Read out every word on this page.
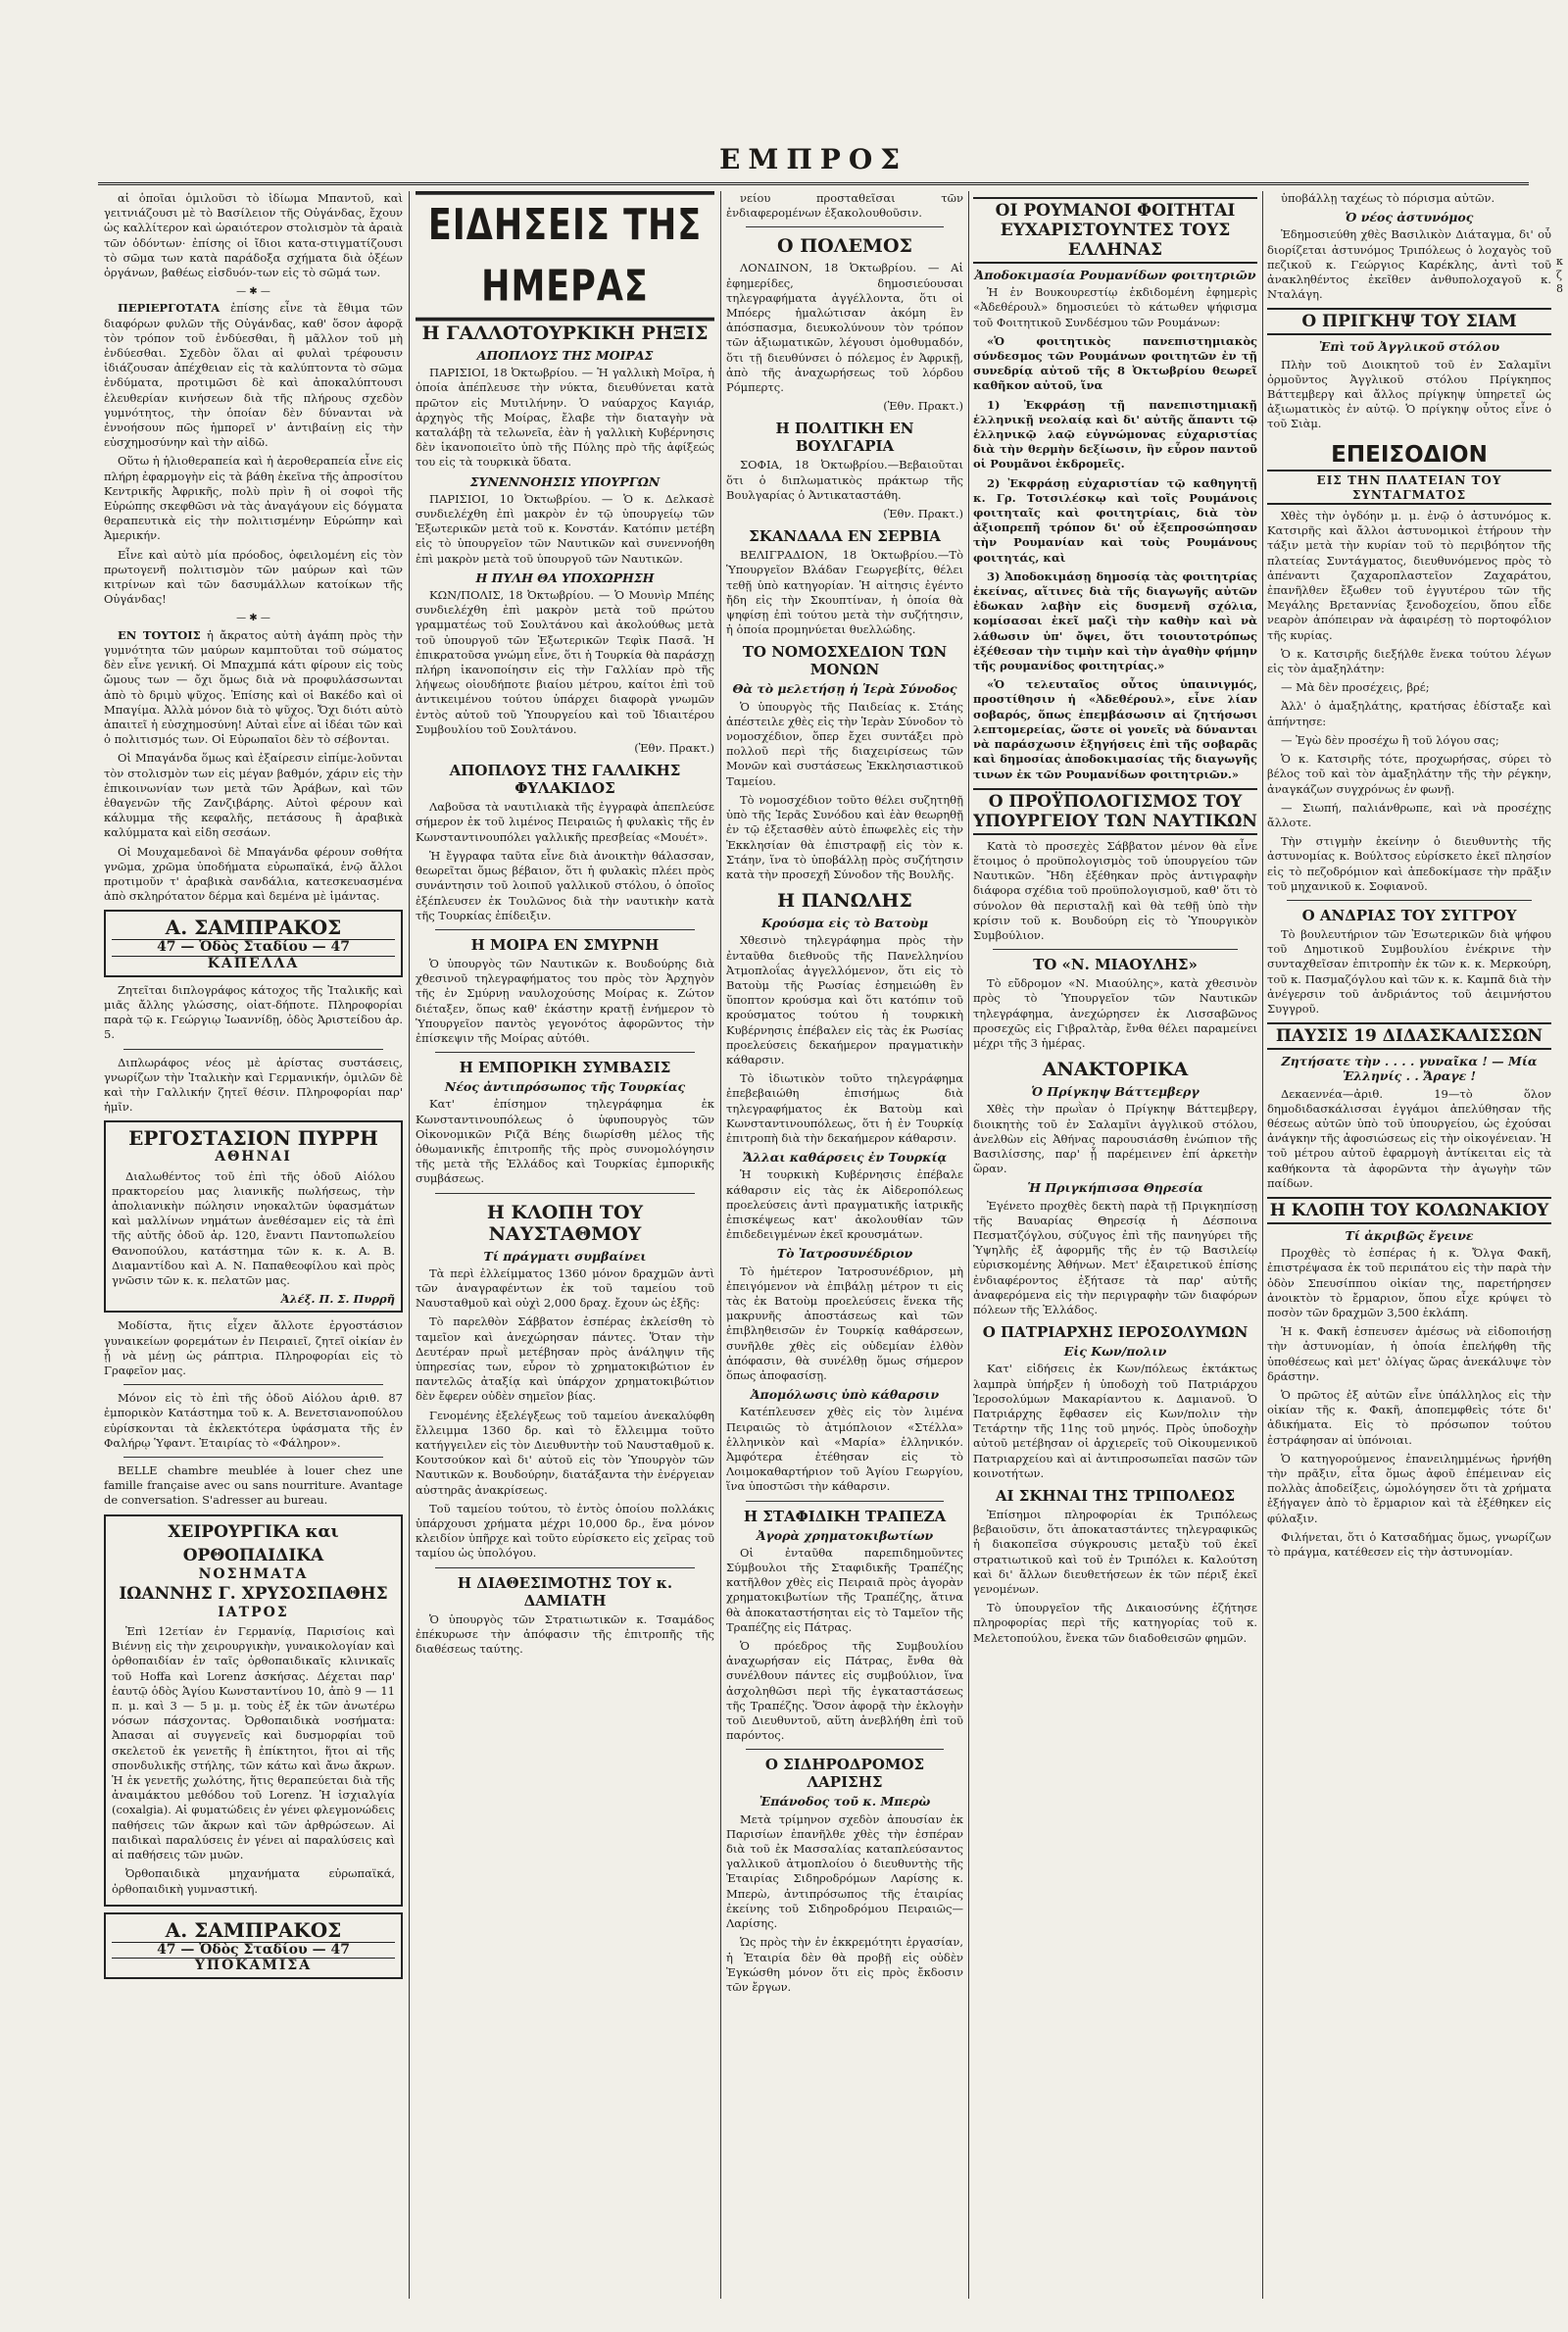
ΕΜΠΡΟΣ

αἱ ὁποῖαι ὁμιλοῦσι τὸ ἰδίωμα Μπαντοῦ, καὶ γειτνιάζουσι μὲ τὸ Βασίλειον τῆς Οὐγάνδας, ἔχουν ὡς καλλίτερον καὶ ὡραιότερον στολισμὸν τὰ ἀραιὰ τῶν ὀδόντων· ἐπίσης οἱ ἴδιοι κατα-στιγματίζουσι τὸ σῶμα των κατὰ παράδοξα σχήματα διὰ ὀξέων ὀργάνων, βαθέως εἰσδυόν-των εἰς τὸ σῶμά των.

— ✱ —

ΠΕΡΙΕΡΓΟΤΑΤΑ ἐπίσης εἶνε τὰ ἔθιμα τῶν διαφόρων φυλῶν τῆς Οὐγάνδας, καθ' ὅσον ἀφορᾷ τὸν τρόπον τοῦ ἐνδύεσθαι, ἢ μᾶλλον τοῦ μὴ ἐνδύεσθαι. Σχεδὸν ὅλαι αἱ φυλαὶ τρέφουσιν ἰδιάζουσαν ἀπέχθειαν εἰς τὰ καλύπτοντα τὸ σῶμα ἐνδύματα, προτιμῶσι δὲ καὶ ἀποκαλύπτουσι ἐλευθερίαν κινήσεων διὰ τῆς πλήρους σχεδὸν γυμνότητος, τὴν ὁποίαν δὲν δύνανται νὰ ἐννοήσουν πῶς ἠμπορεῖ ν' ἀντιβαίνῃ εἰς τὴν εὐσχημοσύνην καὶ τὴν αἰδῶ.

Οὕτω ἡ ἡλιοθεραπεία καὶ ἡ ἀεροθεραπεία εἶνε εἰς πλήρη ἐφαρμογὴν εἰς τὰ βάθη ἐκεῖνα τῆς ἀπροσίτου Κεντρικῆς Ἀφρικῆς, πολὺ πρὶν ἢ οἱ σοφοὶ τῆς Εὐρώπης σκεφθῶσι νὰ τὰς ἀναγάγουν εἰς δόγματα θεραπευτικὰ εἰς τὴν πολιτισμένην Εὐρώπην καὶ Ἀμερικήν.

Εἶνε καὶ αὐτὸ μία πρόοδος, ὀφειλομένη εἰς τὸν πρωτογενῆ πολιτισμὸν τῶν μαύρων καὶ τῶν κιτρίνων καὶ τῶν δασυμάλλων κατοίκων τῆς Οὐγάνδας!

— ✱ —

ΕΝ ΤΟΥΤΟΙΣ ἡ ἄκρατος αὐτὴ ἀγάπη πρὸς τὴν γυμνότητα τῶν μαύρων καμπτοῦται τοῦ σώματος δὲν εἶνε γενική. Οἱ Μπαχμπά κάτι φίρουν εἰς τοὺς ὤμους των — ὄχι ὅμως διὰ νὰ προφυλάσσωνται ἀπὸ τὸ δριμὺ ψῦχος. Ἐπίσης καὶ οἱ Βακέδο καὶ οἱ Μπαγίμα. Ἀλλὰ μόνον διὰ τὸ ψῦχος. Ὄχι διότι αὐτὸ ἀπαιτεῖ ἡ εὐσχημοσύνη! Αὐταὶ εἶνε αἱ ἰδέαι τῶν καὶ ὁ πολιτισμός των. Οἱ Εὐρωπαῖοι δὲν τὸ σέβονται.

Οἱ Μπαγάνδα ὅμως καὶ ἐξαίρεσιν εἰπίμε-λοῦνται τὸν στολισμὸν των εἰς μέγαν βαθμόν, χάριν εἰς τὴν ἐπικοινωνίαν των μετὰ τῶν Ἀράβων, καὶ τῶν ἐθαγενῶν τῆς Ζανζιβάρης. Αὐτοὶ φέρουν καὶ κάλυμμα τῆς κεφαλῆς, πετάσους ἢ ἀραβικὰ καλύμματα καὶ εἰδη σεσάων.

Οἱ Μουχαμεδανοὶ δὲ Μπαγάνδα φέρουν σοθήτα γνῶμα, χρῶμα ὑποδήματα εὐρωπαϊκά, ἐνῷ ἄλλοι προτιμοῦν τ' ἀραβικὰ σανδάλια, κατεσκευασμένα ἀπὸ σκληρότατον δέρμα καὶ δεμένα μὲ ἱμάντας.

Α. ΣΑΜΠΡΑΚΟΣ
47 — Ὁδὸς Σταδίου — 47
ΚΑΠΕΛΛΑ
Ζητεῖται διπλογράφος κάτοχος τῆς Ἰταλικῆς καὶ μιᾶς ἄλλης γλώσσης, οἰατ-δήποτε. Πληροφορίαι παρὰ τῷ κ. Γεώργιῳ Ἰωαννίδῃ, ὁδὸς Ἀριστείδου ἀρ. 5.
Διπλωράφος νέος μὲ ἀρίστας συστάσεις, γνωρίζων τὴν Ἰταλικὴν καὶ Γερμανικήν, ὁμιλῶν δὲ καὶ τὴν Γαλλικήν ζητεῖ θέσιν. Πληροφορίαι παρ' ἡμῖν.
ΕΡΓΟΣΤΑΣΙΟΝ ΠΥΡΡΗ
ΑΘΗΝΑΙ
Διαλωθέντος τοῦ ἐπὶ τῆς ὁδοῦ Αἰόλου πρακτορείου μας λιανικῆς πωλήσεως, τὴν ἀπολιανικὴν πώλησιν νηοκαλτῶν ὑφασμάτων καὶ μαλλίνων νημάτων ἀνεθέσαμεν εἰς τὰ ἐπὶ τῆς αὐτῆς ὁδοῦ ἀρ. 120, ἔναντι Παντοπωλείου Θανοπούλου, κατάστημα τῶν κ. κ. Α. Β. Διαμαντίδου καὶ Α. Ν. Παπαθεοφίλου καὶ πρὸς γνῶσιν τῶν κ. κ. πελατῶν μας.
Ἀλέξ. Π. Σ. Πυρρῆ
Μοδίστα, ἥτις εἶχεν ἄλλοτε ἐργοστάσιον γυναικείων φορεμάτων ἐν Πειραιεῖ, ζητεῖ οἰκίαν ἐν ᾗ νὰ μένῃ ὡς ράπτρια. Πληροφορίαι εἰς τὸ Γραφεῖον μας.
Μόνον εἰς τὸ ἐπὶ τῆς ὁδοῦ Αἰόλου ἀριθ. 87 ἐμπορικὸν Κατάστημα τοῦ κ. Α. Βενετσιανοπούλου εὑρίσκονται τὰ ἐκλεκτότερα ὑφάσματα τῆς ἐν Φαλήρῳ Ὑφαντ. Ἑταιρίας τὸ «Φάληρον».
BELLE chambre meublée à louer chez une famille française avec ou sans nourriture. Avantage de conversation. S'adresser au bureau.
ΧΕΙΡΟΥΡΓΙΚΑ και ΟΡΘΟΠΑΙΔΙΚΑ
ΝΟΣΗΜΑΤΑ
ΙΩΑΝΝΗΣ Γ. ΧΡΥΣΟΣΠΑΘΗΣ
ΙΑΤΡΟΣ
Ἐπὶ 12ετίαν ἐν Γερμανίᾳ, Παρισίοις καὶ Βιέννῃ εἰς τὴν χειρουργικὴν, γυναικολογίαν καὶ ὀρθοπαιδίαν ἐν ταῖς ὀρθοπαιδικαῖς κλινικαῖς τοῦ Hoffa καὶ Lorenz ἀσκήσας. Δέχεται παρ' ἑαυτῷ ὁδὸς Ἁγίου Κωνσταντίνου 10, ἀπὸ 9 — 11 π. μ. καὶ 3 — 5 μ. μ. τοὺς ἐξ ἐκ τῶν ἀνωτέρω νόσων πάσχοντας. Ὀρθοπαιδικὰ νοσήματα: Ἀπασαι αἱ συγγενεῖς καὶ δυσμορφίαι τοῦ σκελετοῦ ἐκ γενετῆς ἢ ἐπίκτητοι, ἥτοι αἱ τῆς σπονδυλικῆς στήλης, τῶν κάτω καὶ ἄνω ἄκρων. Ἡ ἐκ γενετῆς χωλότης, ἥτις θεραπεύεται διὰ τῆς ἀναιμάκτου μεθόδου τοῦ Lorenz. Ἡ ἰσχιαλγία (coxalgia). Αἱ φυματώδεις ἐν γένει φλεγμονώδεις παθήσεις τῶν ἄκρων καὶ τῶν ἀρθρώσεων. Αἱ παιδικαὶ παραλύσεις ἐν γένει αἱ παραλύσεις καὶ αἱ παθήσεις τῶν μυῶν.
Ὀρθοπαιδικὰ μηχανήματα εὐρωπαϊκά, ὀρθοπαιδικὴ γυμναστική.
Α. ΣΑΜΠΡΑΚΟΣ
47 — Ὁδὸς Σταδίου — 47
ΥΠΟΚΑΜΙΣΑ
ΕΙΔΗΣΕΙΣ ΤΗΣ ΗΜΕΡΑΣ
Η ΓΑΛΛΟΤΟΥΡΚΙΚΗ ΡΗΞΙΣ
ΑΠΟΠΛΟΥΣ ΤΗΣ ΜΟΙΡΑΣ

ΠΑΡΙΣΙΟΙ, 18 Ὀκτωβρίου. — Ἡ γαλλικὴ Μοῖρα, ἡ ὁποία ἀπέπλευσε τὴν νύκτα, διευθύνεται κατὰ πρῶτον εἰς Μυτιλήνην. Ὁ ναύαρχος Καγιάρ, ἀρχηγὸς τῆς Μοίρας, ἔλαβε τὴν διαταγὴν νὰ καταλάβῃ τὰ τελωνεῖα, ἐὰν ἡ γαλλικὴ Κυβέρνησις δὲν ἱκανοποιεῖτο ὑπὸ τῆς Πύλης πρὸ τῆς ἀφίξεώς του εἰς τὰ τουρκικὰ ὕδατα.

ΣΥΝΕΝΝΟΗΣΙΣ ΥΠΟΥΡΓΩΝ

ΠΑΡΙΣΙΟΙ, 10 Ὀκτωβρίου. — Ὁ κ. Δελκασὲ συνδιελέχθη ἐπὶ μακρὸν ἐν τῷ ὑπουργείῳ τῶν Ἐξωτερικῶν μετὰ τοῦ κ. Κονστάν. Κατόπιν μετέβη εἰς τὸ ὑπουργεῖον τῶν Ναυτικῶν καὶ συνεννοήθη ἐπὶ μακρὸν μετὰ τοῦ ὑπουργοῦ τῶν Ναυτικῶν.

Η ΠΥΛΗ ΘΑ ΥΠΟΧΩΡΗΣΗ

ΚΩΝ/ΠΟΛΙΣ, 18 Ὀκτωβρίου. — Ὁ Μουνὶρ Μπέης συνδιελέχθη ἐπὶ μακρὸν μετὰ τοῦ πρώτου γραμματέως τοῦ Σουλτάνου καὶ ἀκολούθως μετὰ τοῦ ὑπουργοῦ τῶν Ἐξωτερικῶν Τεφὶκ Πασᾶ. Ἡ ἐπικρατοῦσα γνώμη εἶνε, ὅτι ἡ Τουρκία θὰ παράσχῃ πλήρη ἱκανοποίησιν εἰς τὴν Γαλλίαν πρὸ τῆς λήψεως οἱουδήποτε βιαίου μέτρου, καίτοι ἐπὶ τοῦ ἀντικειμένου τούτου ὑπάρχει διαφορὰ γνωμῶν ἐντὸς αὐτοῦ τοῦ Ὑπουργείου καὶ τοῦ Ἰδιαιτέρου Συμβουλίου τοῦ Σουλτάνου.

(Ἐθν. Πρακτ.)
ΑΠΟΠΛΟΥΣ ΤΗΣ ΓΑΛΛΙΚΗΣ ΦΥΛΑΚΙΔΟΣ

Λαβοῦσα τὰ ναυτιλιακὰ τῆς ἐγγραφὰ ἀπεπλεύσε σήμερον ἐκ τοῦ λιμένος Πειραιῶς ἡ φυλακὶς τῆς ἐν Κωνσταντινουπόλει γαλλικῆς πρεσβείας «Μουέτ».

Ἡ ἔγγραφα ταῦτα εἶνε διὰ ἀνοικτὴν θάλασσαν, θεωρεῖται ὅμως βέβαιον, ὅτι ἡ φυλακὶς πλέει πρὸς συνάντησιν τοῦ λοιποῦ γαλλικοῦ στόλου, ὁ ὁποῖος ἐξέπλευσεν ἐκ Τουλῶνος διὰ τὴν ναυτικὴν κατὰ τῆς Τουρκίας ἐπίδειξιν.

Η ΜΟΙΡΑ ΕΝ ΣΜΥΡΝΗ

Ὁ ὑπουργὸς τῶν Ναυτικῶν κ. Βουδούρης διὰ χθεσινοῦ τηλεγραφήματος του πρὸς τὸν Ἀρχηγὸν τῆς ἐν Σμύρνῃ ναυλοχούσης Μοίρας κ. Ζώτον διέταξεν, ὅπως καθ' ἑκάστην κρατῇ ἐνήμερον τὸ Ὑπουργεῖον παντὸς γεγονότος ἀφορῶντος τὴν ἐπίσκεψιν τῆς Μοίρας αὐτόθι.

Η ΕΜΠΟΡΙΚΗ ΣΥΜΒΑΣΙΣ
Νέος ἀντιπρόσωπος τῆς Τουρκίας

Κατ' ἐπίσημον τηλεγράφημα ἐκ Κωνσταντινουπόλεως ὁ ὑφυπουργὸς τῶν Οἰκονομικῶν Ριζᾶ Βέης διωρίσθη μέλος τῆς ὀθωμανικῆς ἐπιτροπῆς τῆς πρὸς συνομολόγησιν τῆς μετὰ τῆς Ἑλλάδος καὶ Τουρκίας ἐμπορικῆς συμβάσεως.

Η ΚΛΟΠΗ ΤΟΥ ΝΑΥΣΤΑΘΜΟΥ
Τί πράγματι συμβαίνει

Τὰ περὶ ἐλλείμματος 1360 μόνον δραχμῶν ἀντὶ τῶν ἀναγραφέντων ἐκ τοῦ ταμείου τοῦ Ναυσταθμοῦ καὶ οὐχὶ 2,000 δραχ. ἔχουν ὡς ἑξῆς:

Τὸ παρελθὸν Σάββατον ἐσπέρας ἐκλείσθη τὸ ταμεῖον καὶ ἀνεχώρησαν πάντες. Ὅταν τὴν Δευτέραν πρωῒ μετέβησαν πρὸς ἀνάληψιν τῆς ὑπηρεσίας των, εὗρον τὸ χρηματοκιβώτιον ἐν παντελῶς ἀταξίᾳ καὶ ὑπάρχον χρηματοκιβώτιον δὲν ἔφερεν οὐδὲν σημεῖον βίας.

Γενομένης ἐξελέγξεως τοῦ ταμείου ἀνεκαλύφθη ἔλλειμμα 1360 δρ. καὶ τὸ ἔλλειμμα τοῦτο κατήγγειλεν εἰς τὸν Διευθυντὴν τοῦ Ναυσταθμοῦ κ. Κουτσούκον καὶ δι' αὐτοῦ εἰς τὸν Ὑπουργὸν τῶν Ναυτικῶν κ. Βουδούρην, διατάξαντα τὴν ἐνέργειαν αὐστηρᾶς ἀνακρίσεως.

Τοῦ ταμείου τούτου, τὸ ἐντὸς ὁποίου πολλάκις ὑπάρχουσι χρήματα μέχρι 10,000 δρ., ἕνα μόνον κλειδίον ὑπῆρχε καὶ τοῦτο εὑρίσκετο εἰς χεῖρας τοῦ ταμίου ὡς ὑπολόγου.

Η ΔΙΑΘΕΣΙΜΟΤΗΣ ΤΟΥ κ. ΔΑΜΙΑΤΗ

Ὁ ὑπουργὸς τῶν Στρατιωτικῶν κ. Τσαμάδος ἐπέκυρωσε τὴν ἀπόφασιν τῆς ἐπιτροπῆς τῆς διαθέσεως ταύτης.

νείου προσταθεῖσαι τῶν ἐνδιαφερομένων ἐξακολουθοῦσιν.

Ο ΠΟΛΕΜΟΣ

ΛΟΝΔΙΝΟΝ, 18 Ὀκτωβρίου. — Αἱ ἐφημερίδες, δημοσιεύουσαι τηλεγραφήματα ἀγγέλλοντα, ὅτι οἱ Μπόερς ἠμαλώτισαν ἀκόμη ἓν ἀπόσπασμα, διευκολύνουν τὸν τρόπον τῶν ἀξιωματικῶν, λέγουσι ὁμοθυμαδόν, ὅτι τῇ διευθύνσει ὁ πόλεμος ἐν Ἀφρικῇ, ἀπὸ τῆς ἀναχωρήσεως τοῦ λόρδου Ρόμπερτς.

(Ἐθν. Πρακτ.)
Η ΠΟΛΙΤΙΚΗ ΕΝ ΒΟΥΛΓΑΡΙΑ

ΣΟΦΙΑ, 18 Ὀκτωβρίου.—Βεβαιοῦται ὅτι ὁ διπλωματικὸς πράκτωρ τῆς Βουλγαρίας ὁ Ἀντικαταστάθη.

(Ἐθν. Πρακτ.)
ΣΚΑΝΔΑΛΑ ΕΝ ΣΕΡΒΙΑ

ΒΕΛΙΓΡΑΔΙΟΝ, 18 Ὀκτωβρίου.—Τὸ Ὑπουργεῖον Βλάδαν Γεωργεβίτς, θέλει τεθῇ ὑπὸ κατηγορίαν. Ἡ αἰτησις ἐγέντο ἤδη εἰς τὴν Σκουπτίναν, ἡ ὁποία θὰ ψηφίσῃ ἐπὶ τούτου μετὰ τὴν συζήτησιν, ἡ ὁποία προμηνύεται θυελλώδης.

ΤΟ ΝΟΜΟΣΧΕΔΙΟΝ ΤΩΝ ΜΟΝΩΝ
Θὰ τὸ μελετήσῃ ἡ Ἱερὰ Σύνοδος

Ὁ ὑπουργὸς τῆς Παιδείας κ. Στάης ἀπέστειλε χθὲς εἰς τὴν Ἱερὰν Σύνοδον τὸ νομοσχέδιον, ὅπερ ἔχει συντάξει πρὸ πολλοῦ περὶ τῆς διαχειρίσεως τῶν Μονῶν καὶ συστάσεως Ἐκκλησιαστικοῦ Ταμείου.

Τὸ νομοσχέδιον τοῦτο θέλει συζητηθῇ ὑπὸ τῆς Ἱερᾶς Συνόδου καὶ ἐὰν θεωρηθῇ ἐν τῷ ἐξετασθὲν αὐτὸ ἐπωφελὲς εἰς τὴν Ἐκκλησίαν θὰ ἐπιστραφῇ εἰς τὸν κ. Στάην, ἵνα τὸ ὑποβάλλῃ πρὸς συζήτησιν κατὰ τὴν προσεχῆ Σύνοδον τῆς Βουλῆς.

Η ΠΑΝΩΛΗΣ
Κρούσμα εἰς τὸ Βατοὺμ

Χθεσινὸ τηλεγράφημα πρὸς τὴν ἐνταῦθα διεθνοῦς τῆς Πανελληνίου Ἀτμοπλοΐας ἀγγελλόμενον, ὅτι εἰς τὸ Βατοὺμ τῆς Ρωσίας ἐσημειώθη ἓν ὕποπτον κρούσμα καὶ ὅτι κατόπιν τοῦ κρούσματος τούτου ἡ τουρκικὴ Κυβέρνησις ἐπέβαλεν εἰς τὰς ἐκ Ρωσίας προελεύσεις δεκαήμερον πραγματικὴν κάθαρσιν.

Τὸ ἰδιωτικὸν τοῦτο τηλεγράφημα ἐπεβεβαιώθη ἐπισήμως διὰ τηλεγραφήματος ἐκ Βατοὺμ καὶ Κωνσταντινουπόλεως, ὅτι ἡ ἐν Τουρκίᾳ ἐπιτροπὴ διὰ τὴν δεκαήμερον κάθαρσιν.

Ἄλλαι καθάρσεις ἐν Τουρκίᾳ

Ἡ τουρκικὴ Κυβέρνησις ἐπέβαλε κάθαρσιν εἰς τὰς ἐκ Αἰδεροπόλεως προελεύσεις ἀντὶ πραγματικῆς ἰατρικῆς ἐπισκέψεως κατ' ἀκολουθίαν τῶν ἐπιδεδειγμένων ἐκεῖ κρουσμάτων.

Τὸ Ἰατροσυνέδριον

Τὸ ἡμέτερον Ἰατροσυνέδριον, μὴ ἐπειγόμενον νὰ ἐπιβάλῃ μέτρον τι εἰς τὰς ἐκ Βατοὺμ προελεύσεις ἕνεκα τῆς μακρυνῆς ἀποστάσεως καὶ τῶν ἐπιβληθεισῶν ἐν Τουρκίᾳ καθάρσεων, συνῆλθε χθὲς εἰς οὐδεμίαν ἐλθὸν ἀπόφασιν, θὰ συνέλθῃ ὅμως σήμερον ὅπως ἀποφασίσῃ.

Ἀπομόλωσις ὑπὸ κάθαρσιν

Κατέπλευσεν χθὲς εἰς τὸν λιμένα Πειραιῶς τὸ ἀτμόπλοιον «Στέλλα» ἑλληνικὸν καὶ «Μαρία» ἑλληνικόν. Ἀμφότερα ἐτέθησαν εἰς τὸ Λοιμοκαθαρτήριον τοῦ Ἁγίου Γεωργίου, ἵνα ὑποστῶσι τὴν κάθαρσιν.

Η ΣΤΑΦΙΔΙΚΗ ΤΡΑΠΕΖΑ
Ἀγορὰ χρηματοκιβωτίων

Οἱ ἐνταῦθα παρεπιδημοῦντες Σύμβουλοι τῆς Σταφιδικῆς Τραπέζης κατῆλθον χθὲς εἰς Πειραιᾶ πρὸς ἀγορὰν χρηματοκιβωτίων τῆς Τραπέζης, ἅτινα θὰ ἀποκαταστήσηται εἰς τὸ Ταμεῖον τῆς Τραπέζης εἰς Πάτρας.

Ὁ πρόεδρος τῆς Συμβουλίου ἀναχωρήσαν εἰς Πάτρας, ἔνθα θὰ συνέλθουν πάντες εἰς συμβούλιον, ἵνα ἀσχοληθῶσι περὶ τῆς ἐγκαταστάσεως τῆς Τραπέζης. Ὅσον ἀφορᾷ τὴν ἐκλογὴν τοῦ Διευθυντοῦ, αὕτη ἀνεβλήθη ἐπὶ τοῦ παρόντος.

Ο ΣΙΔΗΡΟΔΡΟΜΟΣ ΛΑΡΙΣΗΣ
Ἐπάνοδος τοῦ κ. Μπερὼ

Μετὰ τρίμηνον σχεδὸν ἀπουσίαν ἐκ Παρισίων ἐπανῆλθε χθὲς τὴν ἑσπέραν διὰ τοῦ ἐκ Μασσαλίας καταπλεύσαντος γαλλικοῦ ἀτμοπλοίου ὁ διευθυντὴς τῆς Ἑταιρίας Σιδηροδρόμων Λαρίσης κ. Μπερὼ, ἀντιπρόσωπος τῆς ἑταιρίας ἐκείνης τοῦ Σιδηροδρόμου Πειραιῶς—Λαρίσης.

Ὡς πρὸς τὴν ἐν ἐκκρεμότητι ἐργασίαν, ἡ Ἑταιρία δὲν θὰ προβῇ εἰς οὐδὲν Ἐγκώσθη μόνον ὅτι εἰς πρὸς ἔκδοσιν τῶν ἔργων.

ΟΙ ΡΟΥΜΑΝΟΙ ΦΟΙΤΗΤΑΙ ΕΥΧΑΡΙΣΤΟΥΝΤΕΣ ΤΟΥΣ ΕΛΛΗΝΑΣ
Ἀποδοκιμασία Ρουμανίδων φοιτητριῶν

Ἡ ἐν Βουκουρεστίῳ ἐκδιδομένη ἐφημερὶς «Ἀδεθέρουλ» δημοσιεύει τὸ κάτωθεν ψήφισμα τοῦ Φοιτητικοῦ Συνδέσμου τῶν Ρουμάνων:

«Ὁ φοιτητικὸς πανεπιστημιακὸς σύνδεσμος τῶν Ρουμάνων φοιτητῶν ἐν τῇ συνεδρίᾳ αὐτοῦ τῆς 8 Ὀκτωβρίου θεωρεῖ καθῆκον αὐτοῦ, ἵνα

1) Ἐκφράσῃ τῇ πανεπιστημιακῇ ἑλληνικῇ νεολαίᾳ καὶ δι' αὐτῆς ἅπαντι τῷ ἑλληνικῷ λαῷ εὐγνώμονας εὐχαριστίας διὰ τὴν θερμὴν δεξίωσιν, ἣν εὗρον παντοῦ οἱ Ρουμᾶνοι ἐκδρομεῖς.

2) Ἐκφράσῃ εὐχαριστίαν τῷ καθηγητῇ κ. Γρ. Τοτσιλέσκῳ καὶ τοῖς Ρουμάνοις φοιτηταῖς καὶ φοιτητρίαις, διὰ τὸν ἀξιοπρεπῆ τρόπον δι' οὗ ἐξεπροσώπησαν τὴν Ρουμανίαν καὶ τοὺς Ρουμάνους φοιτητάς, καὶ

3) Ἀποδοκιμάσῃ δημοσίᾳ τὰς φοιτητρίας ἐκείνας, αἵτινες διὰ τῆς διαγωγῆς αὐτῶν ἐδωκαν λαβὴν εἰς δυσμενῆ σχόλια, κομίσασαι ἐκεῖ μαζὶ τὴν καθὴν καὶ νὰ λάθωσιν ὑπ' ὄψει, ὅτι τοιουτοτρόπως ἐξέθεσαν τὴν τιμὴν καὶ τὴν ἀγαθὴν φήμην τῆς ρουμανίδος φοιτητρίας.»

«Ὁ τελευταῖος οὗτος ὑπαινιγμός, προστίθησιν ἡ «Ἀδεθέρουλ», εἶνε λίαν σοβαρός, ὅπως ἐπεμβάσωσιν αἱ ζητήσωσι λεπτομερείας, ὥστε οἱ γονεῖς νὰ δύνανται νὰ παράσχωσιν ἐξηγήσεις ἐπὶ τῆς σοβαρᾶς καὶ δημοσίας ἀποδοκιμασίας τῆς διαγωγῆς τινων ἐκ τῶν Ρουμανίδων φοιτητριῶν.»

Ο ΠΡΟΫΠΟΛΟΓΙΣΜΟΣ ΤΟΥ ΥΠΟΥΡΓΕΙΟΥ ΤΩΝ ΝΑΥΤΙΚΩΝ

Κατὰ τὸ προσεχὲς Σάββατον μένον θὰ εἶνε ἕτοιμος ὁ προϋπολογισμὸς τοῦ ὑπουργείου τῶν Ναυτικῶν. Ἤδη ἐξέθηκαν πρὸς ἀντιγραφὴν διάφορα σχέδια τοῦ προϋπολογισμοῦ, καθ' ὅτι τὸ σύνολον θὰ περισταλῇ καὶ θὰ τεθῇ ὑπὸ τὴν κρίσιν τοῦ κ. Βουδούρη εἰς τὸ Ὑπουργικὸν Συμβούλιον.

ΤΟ «Ν. ΜΙΑΟΥΛΗΣ»

Τὸ εὔδρομον «Ν. Μιαούλης», κατὰ χθεσινὸν πρὸς τὸ Ὑπουργεῖον τῶν Ναυτικῶν τηλεγράφημα, ἀνεχώρησεν ἐκ Λισσαβῶνος προσεχῶς εἰς Γιβραλτὰρ, ἔνθα θέλει παραμείνει μέχρι τῆς 3 ἡμέρας.

ΑΝΑΚΤΟΡΙΚΑ
Ὁ Πρίγκηψ Βάττεμβεργ

Χθὲς τὴν πρωῒαν ὁ Πρίγκηψ Βάττεμβεργ, διοικητὴς τοῦ ἐν Σαλαμῖνι ἀγγλικοῦ στόλου, ἀνελθὼν εἰς Ἀθήνας παρουσιάσθη ἐνώπιον τῆς Βασιλίσσης, παρ' ᾗ παρέμεινεν ἐπί ἀρκετὴν ὥραν.

Ἡ Πριγκήπισσα Θηρεσία

Ἐγένετο προχθὲς δεκτὴ παρὰ τῇ Πριγκηπίσσῃ τῆς Βαυαρίας Θηρεσίᾳ ἡ Δέσποινα Πεσματζόγλου, σύζυγος ἐπὶ τῆς πανηγύρει τῆς Ὑψηλῆς ἐξ ἀφορμῆς τῆς ἐν τῷ Βασιλείῳ εὑρισκομένης Ἀθήνων. Μετ' ἐξαιρετικοῦ ἐπίσης ἐνδιαφέροντος ἐξήτασε τὰ παρ' αὐτῆς ἀναφερόμενα εἰς τὴν περιγραφὴν τῶν διαφόρων πόλεων τῆς Ἑλλάδος.

Ο ΠΑΤΡΙΑΡΧΗΣ ΙΕΡΟΣΟΛΥΜΩΝ
Εἰς Κων/πολιν

Κατ' εἰδήσεις ἐκ Κων/πόλεως ἐκτάκτως λαμπρὰ ὑπήρξεν ἡ ὑποδοχὴ τοῦ Πατριάρχου Ἱεροσολύμων Μακαρίαντου κ. Δαμιανοῦ. Ὁ Πατριάρχης ἔφθασεν εἰς Κων/πολιν τὴν Τετάρτην τῆς 11ης τοῦ μηνός. Πρὸς ὑποδοχὴν αὐτοῦ μετέβησαν οἱ ἀρχιερεῖς τοῦ Οἰκουμενικοῦ Πατριαρχείου καὶ αἱ ἀντιπροσωπεῖαι πασῶν τῶν κοινοτήτων.

ΑΙ ΣΚΗΝΑΙ ΤΗΣ ΤΡΙΠΟΛΕΩΣ

Ἐπίσημοι πληροφορίαι ἐκ Τριπόλεως βεβαιοῦσιν, ὅτι ἀποκαταστάντες τηλεγραφικῶς ἡ διακοπεῖσα σύγκρουσις μεταξὺ τοῦ ἐκεῖ στρατιωτικοῦ καὶ τοῦ ἐν Τριπόλει κ. Καλούτση καὶ δι' ἄλλων διευθετήσεων ἐκ τῶν πέριξ ἐκεῖ γενομένων.

Τὸ ὑπουργεῖον τῆς Δικαιοσύνης ἐζήτησε πληροφορίας περὶ τῆς κατηγορίας τοῦ κ. Μελετοπούλου, ἔνεκα τῶν διαδοθεισῶν φημῶν.

ὑποβάλλῃ ταχέως τὸ πόρισμα αὐτῶν.

Ὁ νέος ἀστυνόμος

Ἐδημοσιεύθη χθὲς Βασιλικὸν Διάταγμα, δι' οὗ διορίζεται ἀστυνόμος Τριπόλεως ὁ λοχαγὸς τοῦ πεζικοῦ κ. Γεώργιος Καρέκλης, ἀντὶ τοῦ ἀνακληθέντος ἐκεῖθεν ἀνθυπολοχαγοῦ κ. Νταλάγη.

Ο ΠΡΙΓΚΗΨ ΤΟΥ ΣΙΑΜ
Ἐπὶ τοῦ Ἀγγλικοῦ στόλου

Πλὴν τοῦ Διοικητοῦ τοῦ ἐν Σαλαμῖνι ὁρμοῦντος Ἀγγλικοῦ στόλου Πρίγκηπος Βάττεμβεργ καὶ ἄλλος πρίγκηψ ὑπηρετεῖ ὡς ἀξιωματικὸς ἐν αὐτῷ. Ὁ πρίγκηψ οὗτος εἶνε ὁ τοῦ Σιὰμ.

ΕΠΕΙΣΟΔΙΟΝ
ΕΙΣ ΤΗΝ ΠΛΑΤΕΙΑΝ ΤΟΥ ΣΥΝΤΑΓΜΑΤΟΣ

Χθὲς τὴν ὀγδόην μ. μ. ἐνῷ ὁ ἀστυνόμος κ. Κατσιρῆς καὶ ἄλλοι ἀστυνομικοὶ ἐτήρουν τὴν τάξιν μετὰ τὴν κυρίαν τοῦ τὸ περιβόητον τῆς πλατείας Συντάγματος, διευθυνόμενος πρὸς τὸ ἀπέναντι ζαχαροπλαστεῖον Ζαχαράτου, ἐπανῆλθεν ἔξωθεν τοῦ ἐγγυτέρου τῶν τῆς Μεγάλης Βρεταννίας ξενοδοχείου, ὅπου εἶδε νεαρὸν ἀπόπειραν νὰ ἀφαιρέσῃ τὸ πορτοφόλιον τῆς κυρίας.

Ὁ κ. Κατσιρῆς διεξήλθε ἕνεκα τούτου λέγων εἰς τὸν ἀμαξηλάτην:

— Μὰ δὲν προσέχεις, βρέ;

Ἀλλ' ὁ ἀμαξηλάτης, κρατήσας ἐδίσταξε καὶ ἀπήντησε:

— Ἐγὼ δὲν προσέχω ἢ τοῦ λόγου σας;

Ὁ κ. Κατσιρῆς τότε, προχωρήσας, σύρει τὸ βέλος τοῦ καὶ τὸν ἀμαξηλάτην τῆς τὴν ρέγκην, ἀναγκάζων συγχρόνως ἐν φωνῇ.

— Σιωπή, παλιάνθρωπε, καὶ νὰ προσέχῃς ἄλλοτε.

Τὴν στιγμὴν ἐκείνην ὁ διευθυντὴς τῆς ἀστυνομίας κ. Βούλτσος εὑρίσκετο ἐκεῖ πλησίον εἰς τὸ πεζοδρόμιον καὶ ἀπεδοκίμασε τὴν πρᾶξιν τοῦ μηχανικοῦ κ. Σοφιανοῦ.

Ο ΑΝΔΡΙΑΣ ΤΟΥ ΣΥΓΓΡΟΥ

Τὸ βουλευτήριον τῶν Ἐσωτερικῶν διὰ ψήφου τοῦ Δημοτικοῦ Συμβουλίου ἐνέκρινε τὴν συνταχθεῖσαν ἐπιτροπὴν ἐκ τῶν κ. κ. Μερκούρη, τοῦ κ. Πασμαζόγλου καὶ τῶν κ. κ. Καμπᾶ διὰ τὴν ἀνέγερσιν τοῦ ἀνδριάντος τοῦ ἀειμνήστου Συγγροῦ.

ΠΑΥΣΙΣ 19 ΔΙΔΑΣΚΑΛΙΣΣΩΝ
Ζητήσατε τὴν . . . . γυναῖκα ! — Μία Ἑλληνίς . . Ἄραγε !

Δεκαεννέα—ἀριθ. 19—τὸ ὅλον δημοδιδασκάλισσαι ἐγγάμοι ἀπελύθησαν τῆς θέσεως αὐτῶν ὑπὸ τοῦ ὑπουργείου, ὡς ἐχούσαι ἀνάγκην τῆς ἀφοσιώσεως εἰς τὴν οἰκογένειαν. Ἡ τοῦ μέτρου αὐτοῦ ἐφαρμογὴ ἀντίκειται εἰς τὰ καθήκοντα τὰ ἀφορῶντα τὴν ἀγωγὴν τῶν παίδων.

Η ΚΛΟΠΗ ΤΟΥ ΚΟΛΩΝΑΚΙΟΥ
Τί ἀκριβῶς ἔγεινε

Προχθὲς τὸ ἑσπέρας ἡ κ. Ὄλγα Φακῆ, ἐπιστρέψασα ἐκ τοῦ περιπάτου εἰς τὴν παρὰ τὴν ὁδὸν Σπευσίππου οἰκίαν της, παρετήρησεν ἀνοικτὸν τὸ ἔρμαριον, ὅπου εἶχε κρύψει τὸ ποσὸν τῶν δραχμῶν 3,500 ἐκλάπη.

Ἡ κ. Φακῆ ἐσπευσεν ἀμέσως νὰ εἰδοποιήσῃ τὴν ἀστυνομίαν, ἡ ὁποία ἐπελήφθη τῆς ὑποθέσεως καὶ μετ' ὀλίγας ὥρας ἀνεκάλυψε τὸν δράστην.

Ὁ πρῶτος ἐξ αὐτῶν εἶνε ὑπάλληλος εἰς τὴν οἰκίαν τῆς κ. Φακῆ, ἀποπεμφθεὶς τότε δι' ἀδικήματα. Εἰς τὸ πρόσωπον τούτου ἐστράφησαν αἱ ὑπόνοιαι.

Ὁ κατηγορούμενος ἐπανειλημμένως ἠρνήθη τὴν πρᾶξιν, εἶτα ὅμως ἀφοῦ ἐπέμειναν εἰς πολλὰς ἀποδείξεις, ὡμολόγησεν ὅτι τὰ χρήματα ἐξήγαγεν ἀπὸ τὸ ἔρμαριον καὶ τὰ ἐξέθηκεν εἰς φύλαξιν.

Φιλήνεται, ὅτι ὁ Κατσαδήμας ὅμως, γνωρίζων τὸ πράγμα, κατέθεσεν εἰς τὴν ἀστυνομίαν.

κ ζ 8
